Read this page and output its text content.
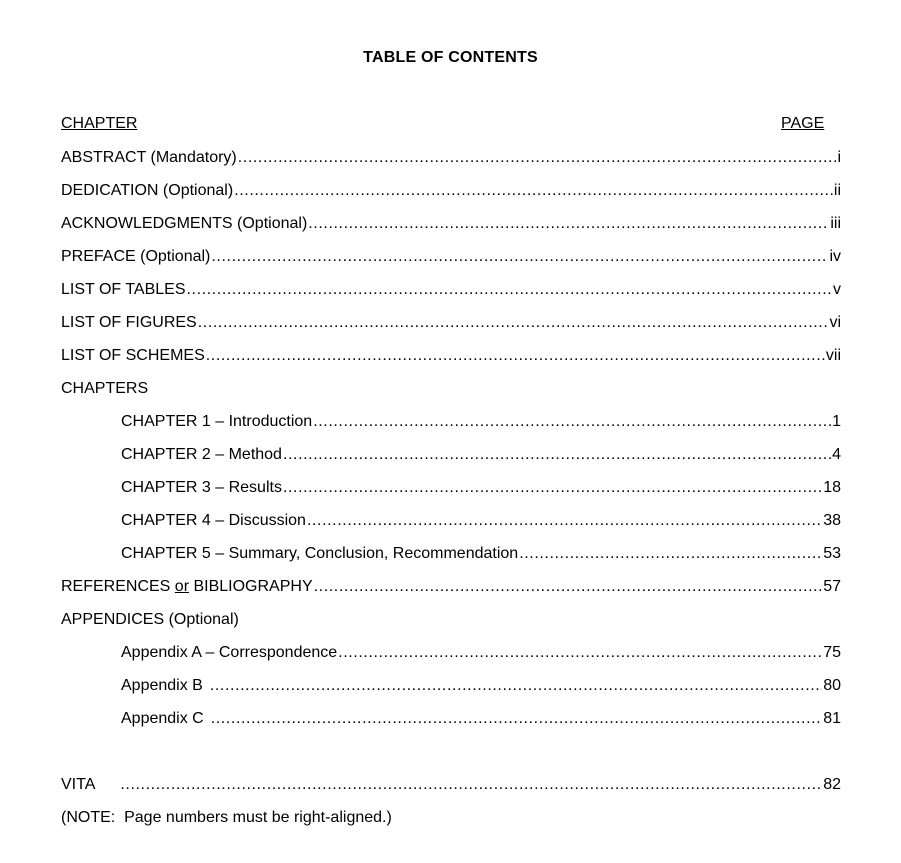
TABLE OF CONTENTS
CHAPTER	PAGE
ABSTRACT (Mandatory) .....	i
DEDICATION (Optional) .....	ii
ACKNOWLEDGMENTS (Optional) .....	iii
PREFACE (Optional) .....	iv
LIST OF TABLES .....	v
LIST OF FIGURES .....	vi
LIST OF SCHEMES .....	vii
CHAPTERS
CHAPTER 1 – Introduction .....	1
CHAPTER 2 – Method .....	4
CHAPTER 3 – Results .....	18
CHAPTER 4 – Discussion .....	38
CHAPTER 5 – Summary, Conclusion, Recommendation .....	53
REFERENCES or BIBLIOGRAPHY .....	57
APPENDICES (Optional)
Appendix A – Correspondence .....	75
Appendix B .....	80
Appendix C .....	81
VITA .....	82
(NOTE:  Page numbers must be right-aligned.)
